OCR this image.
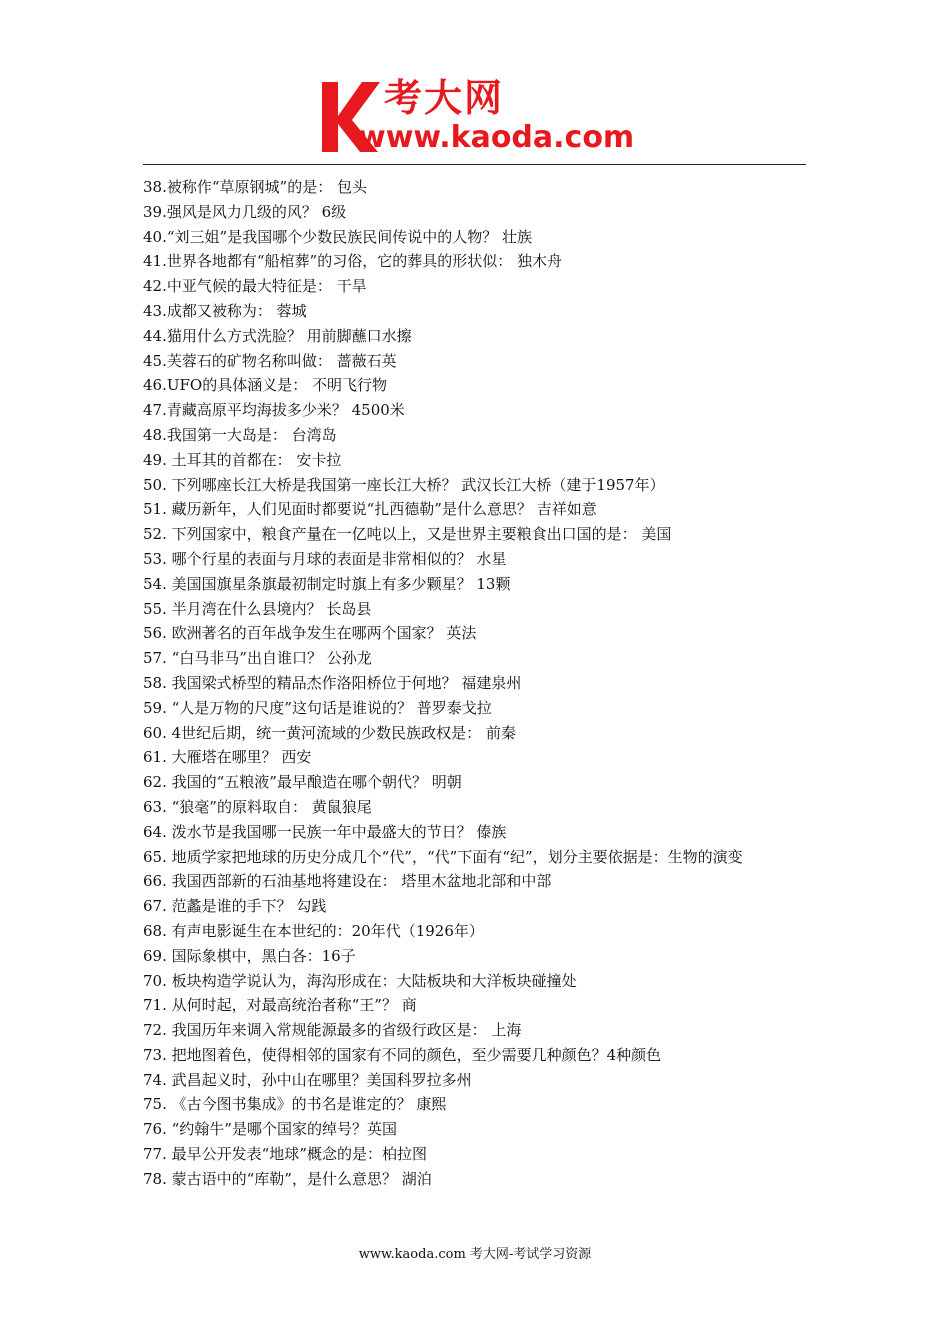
考大网
www.kaoda.com
38.被称作“草原钢城”的是： 包头
39.强风是风力几级的风？ 6级
40.“刘三姐”是我国哪个少数民族民间传说中的人物？ 壮族
41.世界各地都有“船棺葬”的习俗，它的葬具的形状似： 独木舟
42.中亚气候的最大特征是： 干旱
43.成都又被称为： 蓉城
44.猫用什么方式洗脸？ 用前脚蘸口水擦
45.芙蓉石的矿物名称叫做： 蔷薇石英
46.UFO的具体涵义是： 不明飞行物
47.青藏高原平均海拔多少米？ 4500米
48.我国第一大岛是： 台湾岛
49. 土耳其的首都在： 安卡拉
50. 下列哪座长江大桥是我国第一座长江大桥？ 武汉长江大桥（建于1957年）
51. 藏历新年，人们见面时都要说“扎西德勒”是什么意思？ 吉祥如意
52. 下列国家中，粮食产量在一亿吨以上，又是世界主要粮食出口国的是： 美国
53. 哪个行星的表面与月球的表面是非常相似的？ 水星
54. 美国国旗星条旗最初制定时旗上有多少颗星？ 13颗
55. 半月湾在什么县境内？ 长岛县
56. 欧洲著名的百年战争发生在哪两个国家？ 英法
57. “白马非马”出自谁口？ 公孙龙
58. 我国梁式桥型的精品杰作洛阳桥位于何地？ 福建泉州
59. “人是万物的尺度”这句话是谁说的？ 普罗泰戈拉
60. 4世纪后期，统一黄河流域的少数民族政权是： 前秦
61. 大雁塔在哪里？ 西安
62. 我国的“五粮液”最早酿造在哪个朝代？ 明朝
63. “狼毫”的原料取自： 黄鼠狼尾
64. 泼水节是我国哪一民族一年中最盛大的节日？ 傣族
65. 地质学家把地球的历史分成几个“代”，“代”下面有“纪”，划分主要依据是：生物的演变
66. 我国西部新的石油基地将建设在： 塔里木盆地北部和中部
67. 范蠡是谁的手下？ 勾践
68. 有声电影诞生在本世纪的：20年代（1926年）
69. 国际象棋中，黑白各：16子
70. 板块构造学说认为，海沟形成在：大陆板块和大洋板块碰撞处
71. 从何时起，对最高统治者称“王”？ 商
72. 我国历年来调入常规能源最多的省级行政区是： 上海
73. 把地图着色，使得相邻的国家有不同的颜色，至少需要几种颜色？4种颜色
74. 武昌起义时，孙中山在哪里？美国科罗拉多州
75. 《古今图书集成》的书名是谁定的？ 康熙
76. “约翰牛”是哪个国家的绰号？英国
77. 最早公开发表“地球”概念的是：柏拉图
78. 蒙古语中的“库勒”，是什么意思？ 湖泊
www.kaoda.com 考大网-考试学习资源
